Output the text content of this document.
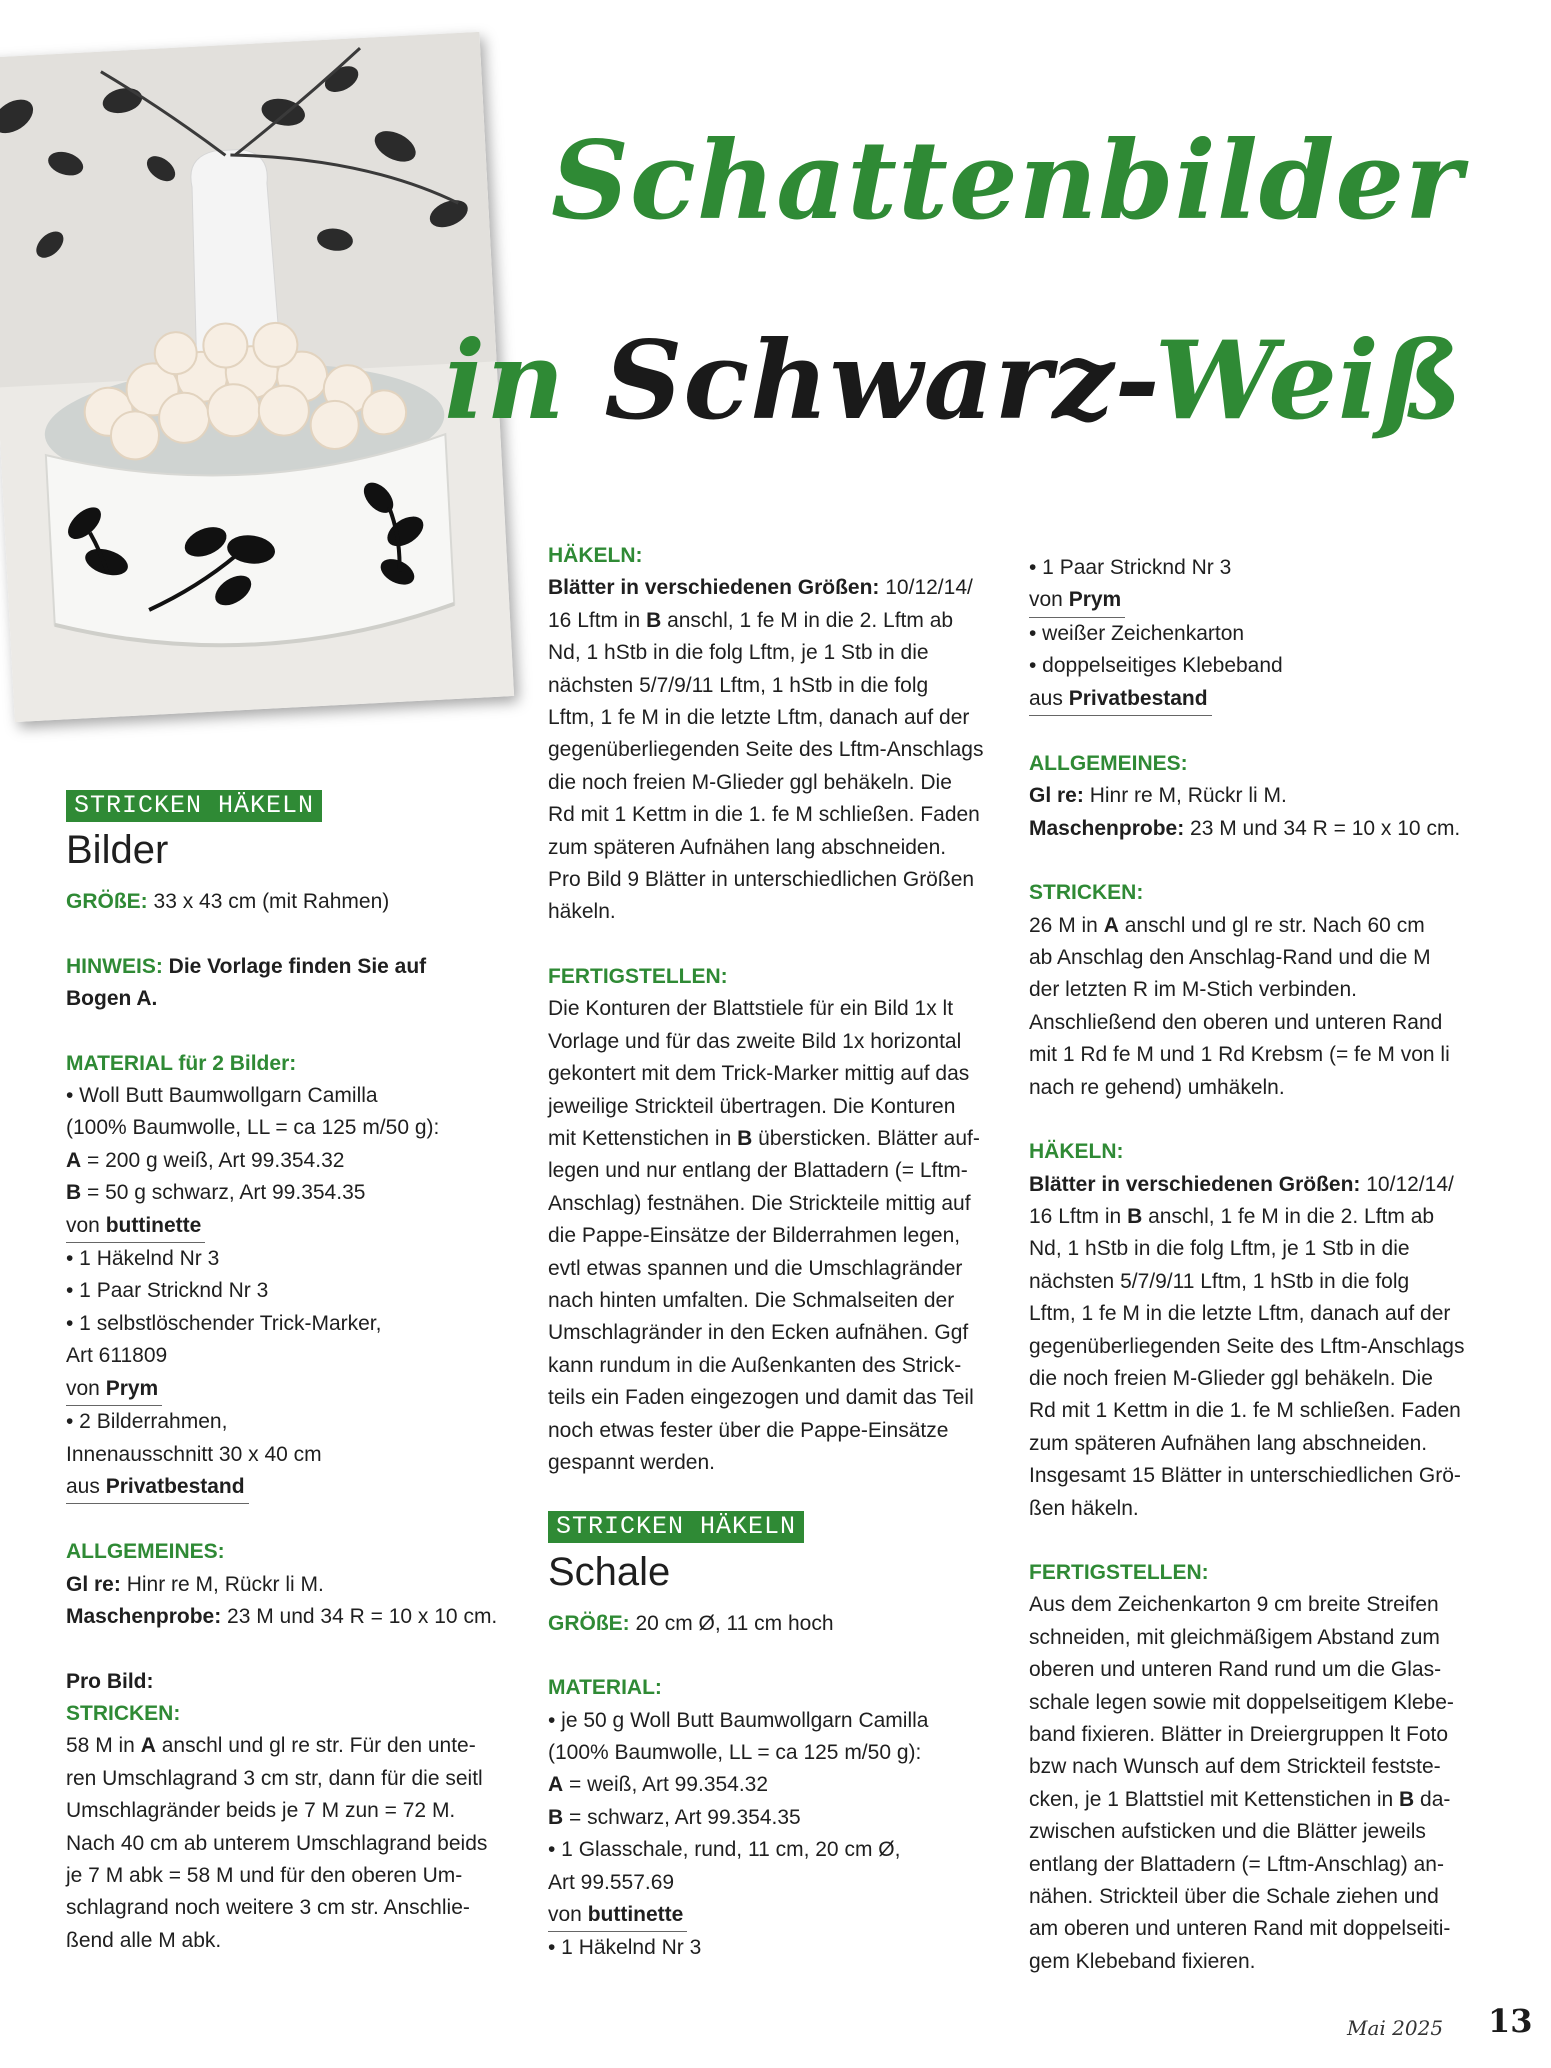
Schattenbilder
in Schwarz-Weiß
STRICKEN HÄKELN
Bilder

GRÖßE: 33 x 43 cm (mit Rahmen)

HINWEIS: Die Vorlage finden Sie auf

Bogen A.

MATERIAL für 2 Bilder:

• Woll Butt Baumwollgarn Camilla

(100% Baumwolle, LL = ca 125 m/50 g):

A = 200 g weiß, Art 99.354.32

B = 50 g schwarz, Art 99.354.35

von buttinette

• 1 Häkelnd Nr 3

• 1 Paar Stricknd Nr 3

• 1 selbstlöschender Trick-Marker,

Art 611809

von Prym

• 2 Bilderrahmen,

Innenausschnitt 30 x 40 cm

aus Privatbestand

ALLGEMEINES:

Gl re: Hinr re M, Rückr li M.

Maschenprobe: 23 M und 34 R = 10 x 10 cm.

Pro Bild:

STRICKEN:

58 M in A anschl und gl re str. Für den unte-

ren Umschlagrand 3 cm str, dann für die seitl

Umschlagränder beids je 7 M zun = 72 M.

Nach 40 cm ab unterem Umschlagrand beids

je 7 M abk = 58 M und für den oberen Um-

schlagrand noch weitere 3 cm str. Anschlie-

ßend alle M abk.

HÄKELN:

Blätter in verschiedenen Größen: 10/12/14/

16 Lftm in B anschl, 1 fe M in die 2. Lftm ab

Nd, 1 hStb in die folg Lftm, je 1 Stb in die

nächsten 5/7/9/11 Lftm, 1 hStb in die folg

Lftm, 1 fe M in die letzte Lftm, danach auf der

gegenüberliegenden Seite des Lftm-Anschlags

die noch freien M-Glieder ggl behäkeln. Die

Rd mit 1 Kettm in die 1. fe M schließen. Faden

zum späteren Aufnähen lang abschneiden.

Pro Bild 9 Blätter in unterschiedlichen Größen

häkeln.

FERTIGSTELLEN:

Die Konturen der Blattstiele für ein Bild 1x lt

Vorlage und für das zweite Bild 1x horizontal

gekontert mit dem Trick-Marker mittig auf das

jeweilige Strickteil übertragen. Die Konturen

mit Kettenstichen in B übersticken. Blätter auf-

legen und nur entlang der Blattadern (= Lftm-

Anschlag) festnähen. Die Strickteile mittig auf

die Pappe-Einsätze der Bilderrahmen legen,

evtl etwas spannen und die Umschlagränder

nach hinten umfalten. Die Schmalseiten der

Umschlagränder in den Ecken aufnähen. Ggf

kann rundum in die Außenkanten des Strick-

teils ein Faden eingezogen und damit das Teil

noch etwas fester über die Pappe-Einsätze

gespannt werden.

STRICKEN HÄKELN
Schale

GRÖßE: 20 cm Ø, 11 cm hoch

MATERIAL:

• je 50 g Woll Butt Baumwollgarn Camilla

(100% Baumwolle, LL = ca 125 m/50 g):

A = weiß, Art 99.354.32

B = schwarz, Art 99.354.35

• 1 Glasschale, rund, 11 cm, 20 cm Ø,

Art 99.557.69

von buttinette

• 1 Häkelnd Nr 3

• 1 Paar Stricknd Nr 3

von Prym

• weißer Zeichenkarton

• doppelseitiges Klebeband

aus Privatbestand

ALLGEMEINES:

Gl re: Hinr re M, Rückr li M.

Maschenprobe: 23 M und 34 R = 10 x 10 cm.

STRICKEN:

26 M in A anschl und gl re str. Nach 60 cm

ab Anschlag den Anschlag-Rand und die M

der letzten R im M-Stich verbinden.

Anschließend den oberen und unteren Rand

mit 1 Rd fe M und 1 Rd Krebsm (= fe M von li

nach re gehend) umhäkeln.

HÄKELN:

Blätter in verschiedenen Größen: 10/12/14/

16 Lftm in B anschl, 1 fe M in die 2. Lftm ab

Nd, 1 hStb in die folg Lftm, je 1 Stb in die

nächsten 5/7/9/11 Lftm, 1 hStb in die folg

Lftm, 1 fe M in die letzte Lftm, danach auf der

gegenüberliegenden Seite des Lftm-Anschlags

die noch freien M-Glieder ggl behäkeln. Die

Rd mit 1 Kettm in die 1. fe M schließen. Faden

zum späteren Aufnähen lang abschneiden.

Insgesamt 15 Blätter in unterschiedlichen Grö-

ßen häkeln.

FERTIGSTELLEN:

Aus dem Zeichenkarton 9 cm breite Streifen

schneiden, mit gleichmäßigem Abstand zum

oberen und unteren Rand rund um die Glas-

schale legen sowie mit doppelseitigem Klebe-

band fixieren. Blätter in Dreiergruppen lt Foto

bzw nach Wunsch auf dem Strickteil feststе-

cken, je 1 Blattstiel mit Kettenstichen in B da-

zwischen aufsticken und die Blätter jeweils

entlang der Blattadern (= Lftm-Anschlag) an-

nähen. Strickteil über die Schale ziehen und

am oberen und unteren Rand mit doppelseiti-

gem Klebeband fixieren.

Mai 2025 13
